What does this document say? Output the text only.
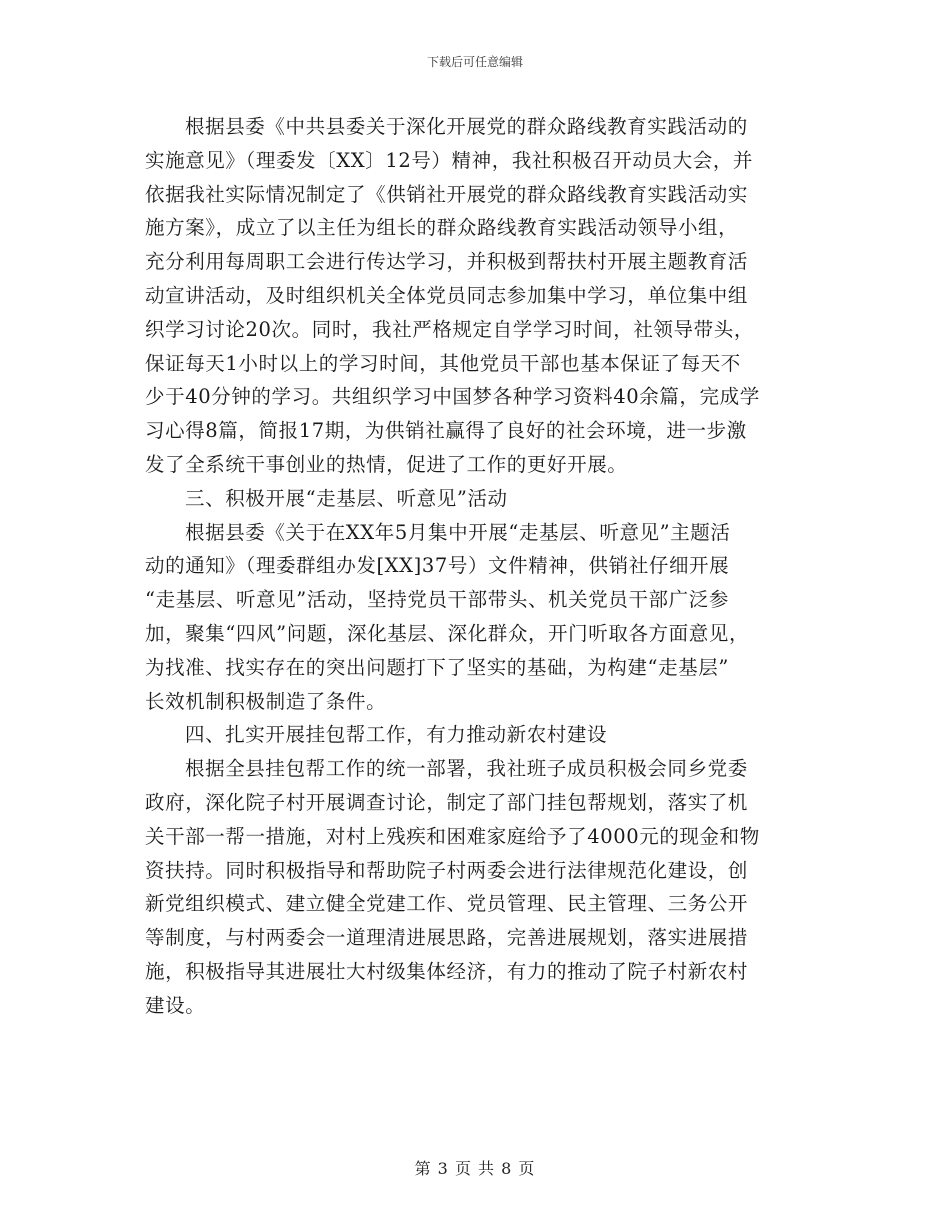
下载后可任意编辑
根据县委《中共县委关于深化开展党的群众路线教育实践活动的
实施意见》（理委发〔XX〕12号）精神，我社积极召开动员大会，并
依据我社实际情况制定了《供销社开展党的群众路线教育实践活动实
施方案》，成立了以主任为组长的群众路线教育实践活动领导小组，
充分利用每周职工会进行传达学习，并积极到帮扶村开展主题教育活
动宣讲活动，及时组织机关全体党员同志参加集中学习，单位集中组
织学习讨论20次。同时，我社严格规定自学学习时间，社领导带头，
保证每天1小时以上的学习时间，其他党员干部也基本保证了每天不
少于40分钟的学习。共组织学习中国梦各种学习资料40余篇，完成学
习心得8篇，简报17期，为供销社赢得了良好的社会环境，进一步激
发了全系统干事创业的热情，促进了工作的更好开展。
三、积极开展“走基层、听意见”活动
根据县委《关于在XX年5月集中开展“走基层、听意见”主题活
动的通知》（理委群组办发[XX]37号）文件精神，供销社仔细开展
“走基层、听意见”活动，坚持党员干部带头、机关党员干部广泛参
加，聚集“四风”问题，深化基层、深化群众，开门听取各方面意见，
为找准、找实存在的突出问题打下了坚实的基础，为构建“走基层”
长效机制积极制造了条件。
四、扎实开展挂包帮工作，有力推动新农村建设
根据全县挂包帮工作的统一部署，我社班子成员积极会同乡党委
政府，深化院子村开展调查讨论，制定了部门挂包帮规划，落实了机
关干部一帮一措施，对村上残疾和困难家庭给予了4000元的现金和物
资扶持。同时积极指导和帮助院子村两委会进行法律规范化建设，创
新党组织模式、建立健全党建工作、党员管理、民主管理、三务公开
等制度，与村两委会一道理清进展思路，完善进展规划，落实进展措
施，积极指导其进展壮大村级集体经济，有力的推动了院子村新农村
建设。
第 3 页 共 8 页
